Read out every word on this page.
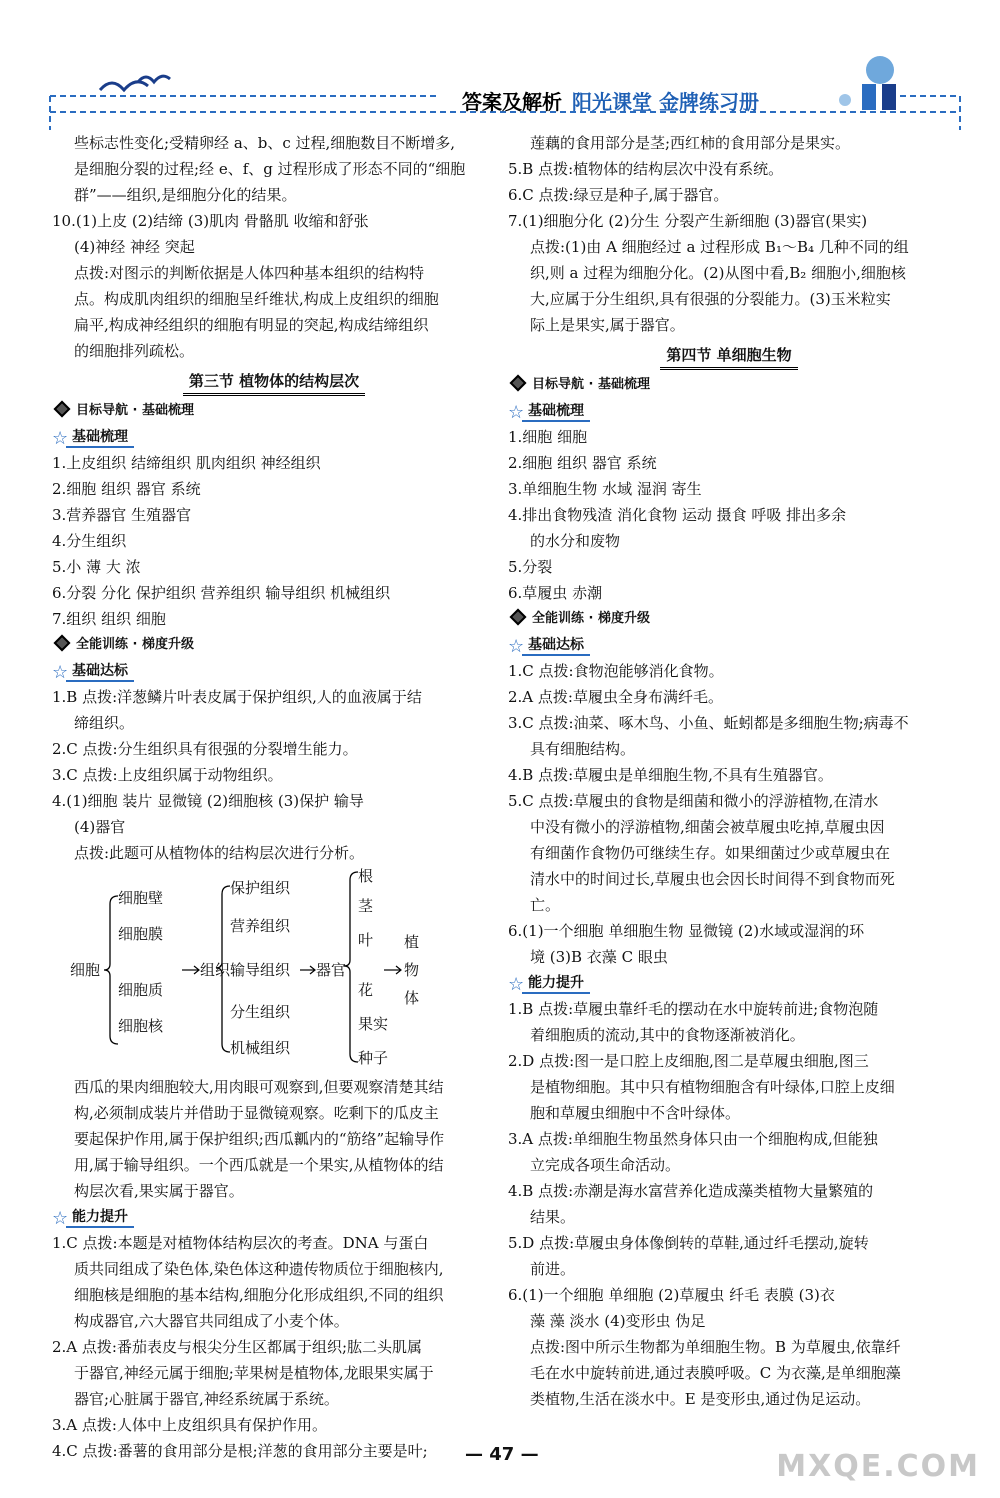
答案及解析 阳光课堂 金牌练习册
些标志性变化;受精卵经 a、b、c 过程,细胞数目不断增多,
是细胞分裂的过程;经 e、f、g 过程形成了形态不同的“细胞
群”——组织,是细胞分化的结果。
10.(1)上皮 (2)结缔 (3)肌肉 骨骼肌 收缩和舒张
(4)神经 神经 突起
点拨:对图示的判断依据是人体四种基本组织的结构特
点。构成肌肉组织的细胞呈纤维状,构成上皮组织的细胞
扁平,构成神经组织的细胞有明显的突起,构成结缔组织
的细胞排列疏松。
第三节 植物体的结构层次
目标导航 · 基础梳理
☆ 基础梳理
1.上皮组织 结缔组织 肌肉组织 神经组织
2.细胞 组织 器官 系统
3.营养器官 生殖器官
4.分生组织
5.小 薄 大 浓
6.分裂 分化 保护组织 营养组织 输导组织 机械组织
7.组织 组织 细胞
全能训练 · 梯度升级
☆ 基础达标
1.B 点拨:洋葱鳞片叶表皮属于保护组织,人的血液属于结
缔组织。
2.C 点拨:分生组织具有很强的分裂增生能力。
3.C 点拨:上皮组织属于动物组织。
4.(1)细胞 装片 显微镜 (2)细胞核 (3)保护 输导
(4)器官
点拨:此题可从植物体的结构层次进行分析。
细胞
细胞壁
细胞膜
细胞质
细胞核
组织
保护组织
营养组织
输导组织
分生组织
机械组织
器官
根
茎
叶
花
果实
种子
植
物
体
西瓜的果肉细胞较大,用肉眼可观察到,但要观察清楚其结
构,必须制成装片并借助于显微镜观察。吃剩下的瓜皮主
要起保护作用,属于保护组织;西瓜瓤内的“筋络”起输导作
用,属于输导组织。一个西瓜就是一个果实,从植物体的结
构层次看,果实属于器官。
☆ 能力提升
1.C 点拨:本题是对植物体结构层次的考查。DNA 与蛋白
质共同组成了染色体,染色体这种遗传物质位于细胞核内,
细胞核是细胞的基本结构,细胞分化形成组织,不同的组织
构成器官,六大器官共同组成了小麦个体。
2.A 点拨:番茄表皮与根尖分生区都属于组织;肱二头肌属
于器官,神经元属于细胞;苹果树是植物体,龙眼果实属于
器官;心脏属于器官,神经系统属于系统。
3.A 点拨:人体中上皮组织具有保护作用。
4.C 点拨:番薯的食用部分是根;洋葱的食用部分主要是叶;
莲藕的食用部分是茎;西红柿的食用部分是果实。
5.B 点拨:植物体的结构层次中没有系统。
6.C 点拨:绿豆是种子,属于器官。
7.(1)细胞分化 (2)分生 分裂产生新细胞 (3)器官(果实)
点拨:(1)由 A 细胞经过 a 过程形成 B₁～B₄ 几种不同的组
织,则 a 过程为细胞分化。(2)从图中看,B₂ 细胞小,细胞核
大,应属于分生组织,具有很强的分裂能力。(3)玉米粒实
际上是果实,属于器官。
第四节 单细胞生物
目标导航 · 基础梳理
☆ 基础梳理
1.细胞 细胞
2.细胞 组织 器官 系统
3.单细胞生物 水域 湿润 寄生
4.排出食物残渣 消化食物 运动 摄食 呼吸 排出多余
的水分和废物
5.分裂
6.草履虫 赤潮
全能训练 · 梯度升级
☆ 基础达标
1.C 点拨:食物泡能够消化食物。
2.A 点拨:草履虫全身布满纤毛。
3.C 点拨:油菜、啄木鸟、小鱼、蚯蚓都是多细胞生物;病毒不
具有细胞结构。
4.B 点拨:草履虫是单细胞生物,不具有生殖器官。
5.C 点拨:草履虫的食物是细菌和微小的浮游植物,在清水
中没有微小的浮游植物,细菌会被草履虫吃掉,草履虫因
有细菌作食物仍可继续生存。如果细菌过少或草履虫在
清水中的时间过长,草履虫也会因长时间得不到食物而死
亡。
6.(1)一个细胞 单细胞生物 显微镜 (2)水域或湿润的环
境 (3)B 衣藻 C 眼虫
☆ 能力提升
1.B 点拨:草履虫靠纤毛的摆动在水中旋转前进;食物泡随
着细胞质的流动,其中的食物逐渐被消化。
2.D 点拨:图一是口腔上皮细胞,图二是草履虫细胞,图三
是植物细胞。其中只有植物细胞含有叶绿体,口腔上皮细
胞和草履虫细胞中不含叶绿体。
3.A 点拨:单细胞生物虽然身体只由一个细胞构成,但能独
立完成各项生命活动。
4.B 点拨:赤潮是海水富营养化造成藻类植物大量繁殖的
结果。
5.D 点拨:草履虫身体像倒转的草鞋,通过纤毛摆动,旋转
前进。
6.(1)一个细胞 单细胞 (2)草履虫 纤毛 表膜 (3)衣
藻 藻 淡水 (4)变形虫 伪足
点拨:图中所示生物都为单细胞生物。B 为草履虫,依靠纤
毛在水中旋转前进,通过表膜呼吸。C 为衣藻,是单细胞藻
类植物,生活在淡水中。E 是变形虫,通过伪足运动。
— 47 —	MXQE.COM
